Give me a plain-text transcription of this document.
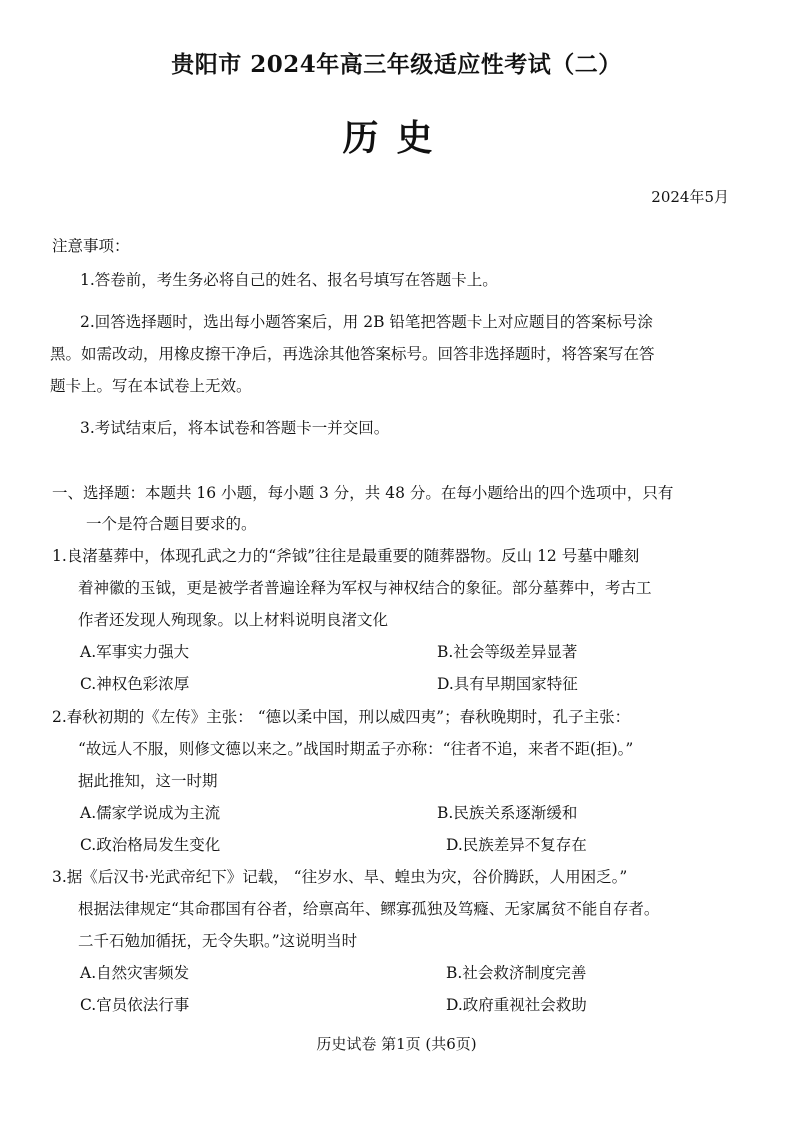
贵阳市 2024年高三年级适应性考试（二）
历史
2024年5月
注意事项：
1.答卷前，考生务必将自己的姓名、报名号填写在答题卡上。
2.回答选择题时，选出每小题答案后，用 2B 铅笔把答题卡上对应题目的答案标号涂
黑。如需改动，用橡皮擦干净后，再选涂其他答案标号。回答非选择题时，将答案写在答
题卡上。写在本试卷上无效。
3.考试结束后，将本试卷和答题卡一并交回。
一、选择题：本题共 16 小题，每小题 3 分，共 48 分。在每小题给出的四个选项中，只有
一个是符合题目要求的。
1.良渚墓葬中，体现孔武之力的“斧钺”往往是最重要的随葬器物。反山 12 号墓中雕刻
着神徽的玉钺，更是被学者普遍诠释为军权与神权结合的象征。部分墓葬中，考古工
作者还发现人殉现象。以上材料说明良渚文化
A.军事实力强大	B.社会等级差异显著
C.神权色彩浓厚	D.具有早期国家特征
2.春秋初期的《左传》主张： “德以柔中国，刑以威四夷”；春秋晚期时，孔子主张：
“故远人不服，则修文德以来之。”战国时期孟子亦称：“往者不追，来者不距(拒)。”
据此推知，这一时期
A.儒家学说成为主流	B.民族关系逐渐缓和
C.政治格局发生变化	D.民族差异不复存在
3.据《后汉书·光武帝纪下》记载， “往岁水、旱、蝗虫为灾，谷价腾跃，人用困乏。”
根据法律规定“其命郡国有谷者，给禀高年、鳏寡孤独及笃癃、无家属贫不能自存者。
二千石勉加循抚，无令失职。”这说明当时
A.自然灾害频发	B.社会救济制度完善
C.官员依法行事	D.政府重视社会救助
历史试卷 第1页 (共6页)
